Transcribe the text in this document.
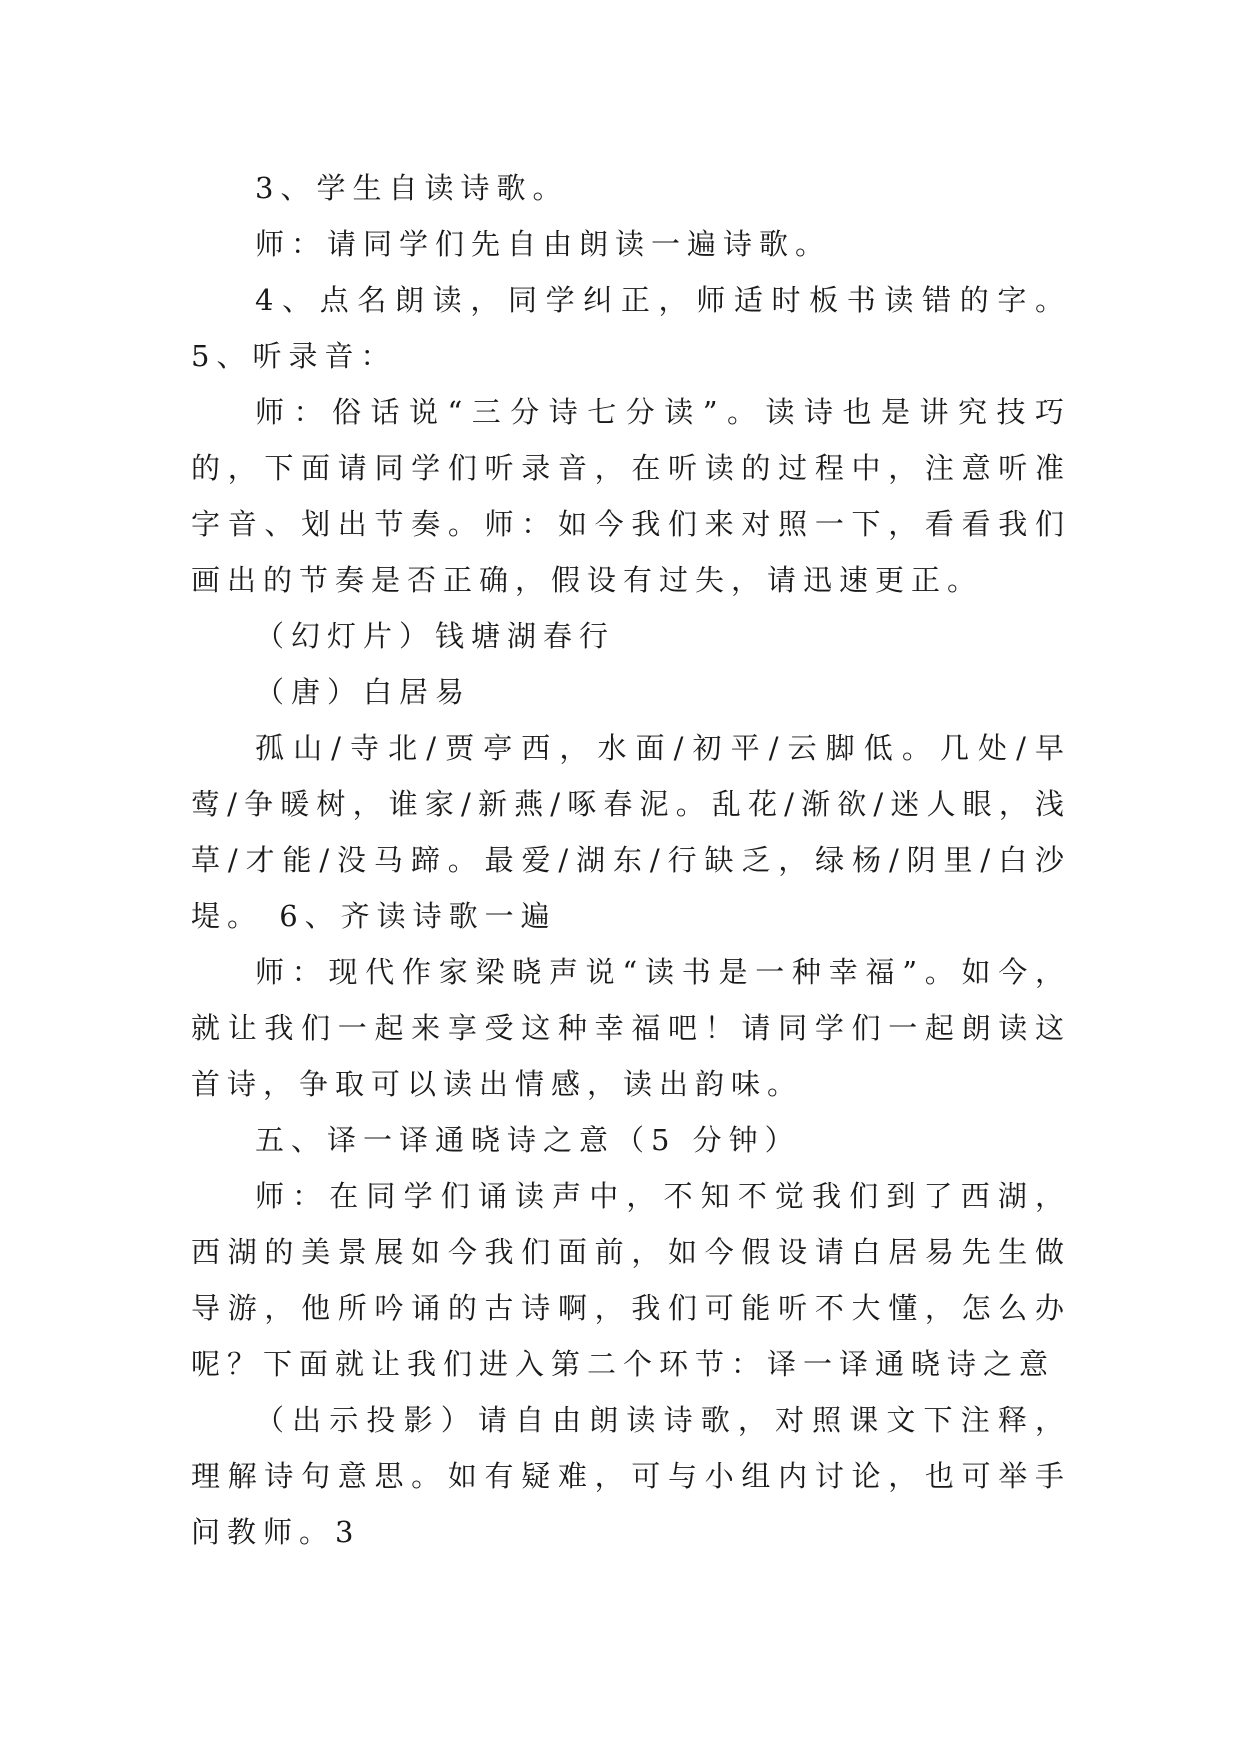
3、学生自读诗歌。

师：请同学们先自由朗读一遍诗歌。

4、点名朗读，同学纠正，师适时板书读错的字。 5、听录音：

师：俗话说“三分诗七分读”。读诗也是讲究技巧的，下面请同学们听录音，在听读的过程中，注意听准字音、划出节奏。师：如今我们来对照一下，看看我们画出的节奏是否正确，假设有过失，请迅速更正。

（幻灯片）钱塘湖春行

（唐）白居易

孤山/寺北/贾亭西，水面/初平/云脚低。几处/早莺/争暖树，谁家/新燕/啄春泥。乱花/渐欲/迷人眼，浅草/才能/没马蹄。最爱/湖东/行缺乏，绿杨/阴里/白沙堤。 6、齐读诗歌一遍

师：现代作家梁晓声说“读书是一种幸福”。如今，就让我们一起来享受这种幸福吧！请同学们一起朗读这首诗，争取可以读出情感，读出韵味。

五、译一译通晓诗之意（5 分钟）

师：在同学们诵读声中，不知不觉我们到了西湖，西湖的美景展如今我们面前，如今假设请白居易先生做导游，他所吟诵的古诗啊，我们可能听不大懂，怎么办呢？下面就让我们进入第二个环节：译一译通晓诗之意

（出示投影）请自由朗读诗歌，对照课文下注释，理解诗句意思。如有疑难，可与小组内讨论，也可举手问教师。3
